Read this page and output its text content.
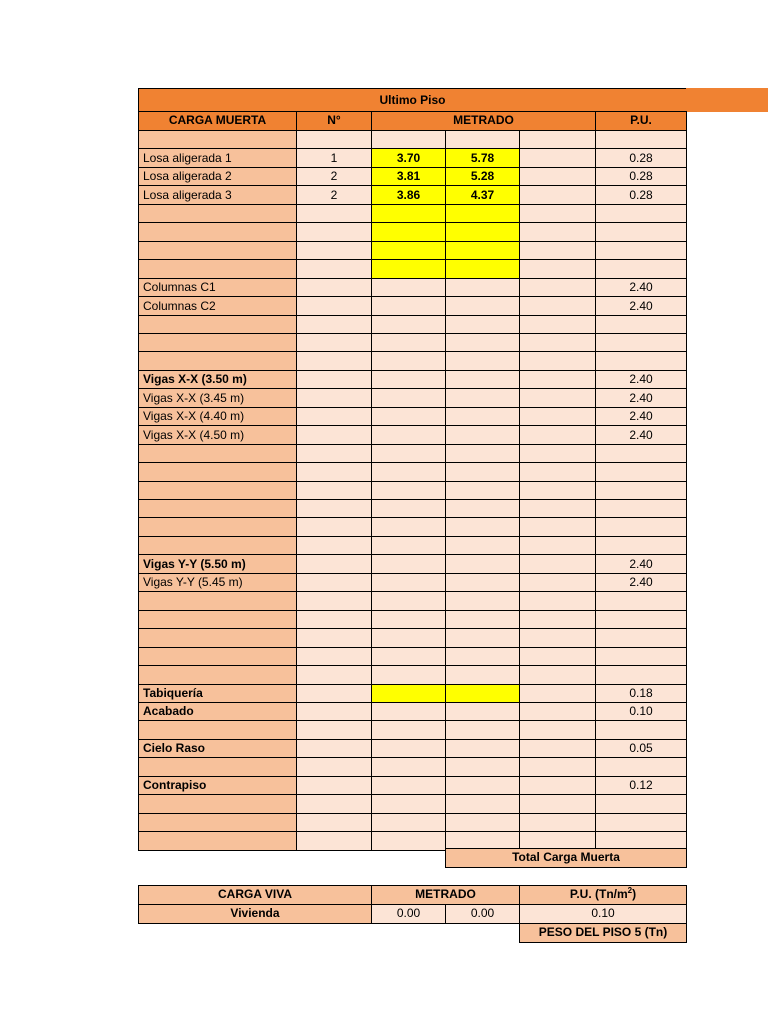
Ultimo Piso
CARGA MUERTA	N°	METRADO	P.U.
Losa aligerada 1	1	3.70	5.78	0.28
Losa aligerada 2	2	3.81	5.28	0.28
Losa aligerada 3	2	3.86	4.37	0.28
Columnas C1	2.40
Columnas C2	2.40
Vigas X-X (3.50 m)	2.40
Vigas X-X (3.45 m)	2.40
Vigas X-X (4.40 m)	2.40
Vigas X-X (4.50 m)	2.40
Vigas Y-Y (5.50 m)	2.40
Vigas Y-Y (5.45 m)	2.40
Tabiquería	0.18
Acabado	0.10
Cielo Raso	0.05
Contrapiso	0.12
Total Carga Muerta
CARGA VIVA	METRADO	P.U. $(Tn/m^2)$
Vivienda	0.00	0.00	0.10
PESO DEL PISO 5 (Tn)
